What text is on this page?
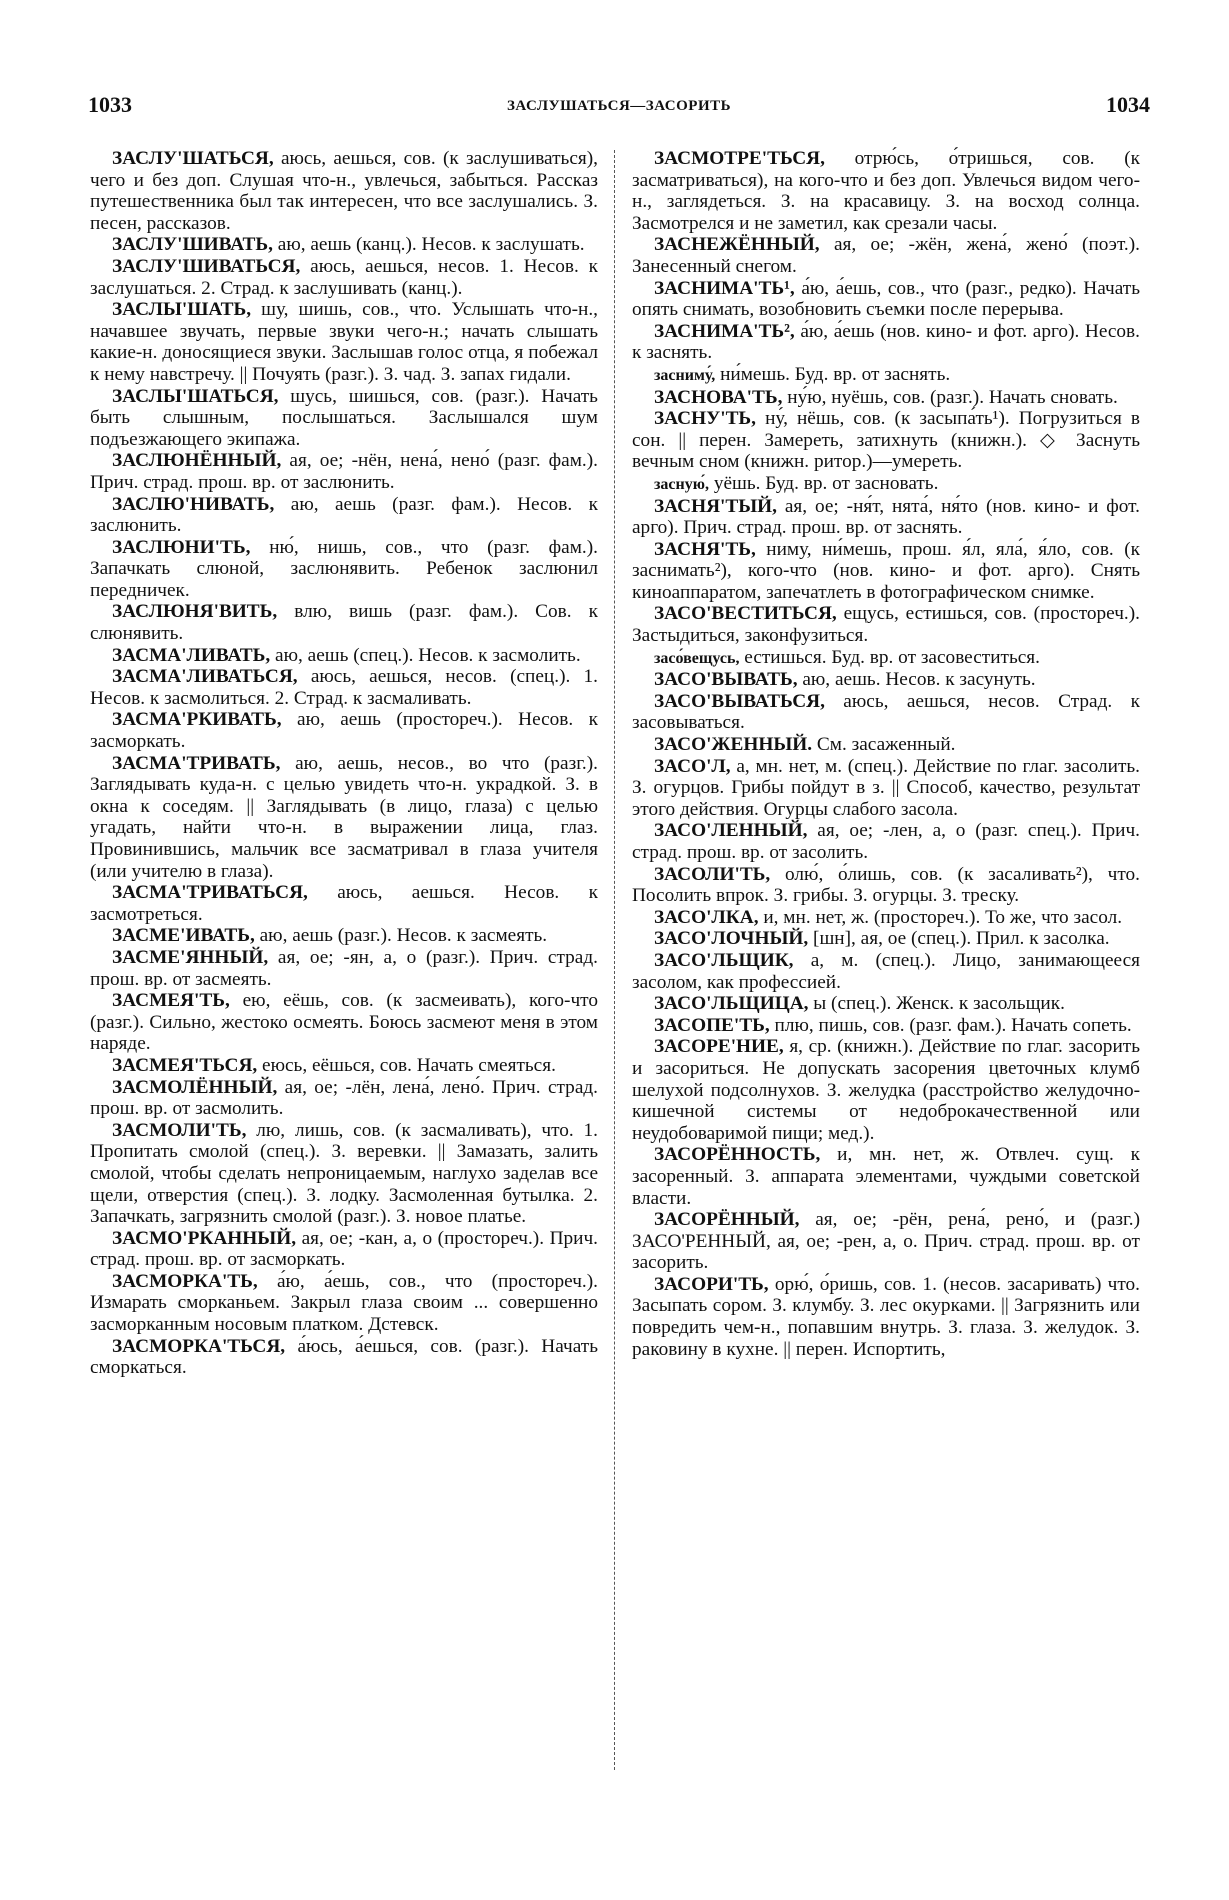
1033	ЗАСЛУШАТЬСЯ—ЗАСОРИТЬ	1034

ЗАСЛУ'ШАТЬСЯ, аюсь, аешься, сов. (к заслушиваться), чего и без доп. Слушая что-н., увлечься, забыться. Рассказ путешественника был так интересен, что все заслушались. З. песен, рассказов.

ЗАСЛУ'ШИВАТЬ, аю, аешь (канц.). Несов. к заслушать.

ЗАСЛУ'ШИВАТЬСЯ, аюсь, аешься, несов. 1. Несов. к заслушаться. 2. Страд. к заслушивать (канц.).

ЗАСЛЫ'ШАТЬ, шу, шишь, сов., что. Услышать что-н., начавшее звучать, первые звуки чего-н.; начать слышать какие-н. доносящиеся звуки. Заслышав голос отца, я побежал к нему навстречу. || Почуять (разг.). З. чад. З. запах гидали.

ЗАСЛЫ'ШАТЬСЯ, шусь, шишься, сов. (разг.). Начать быть слышным, послышаться. Заслышался шум подъезжающего экипажа.

ЗАСЛЮНЁННЫЙ, ая, ое; -нён, нена́, нено́ (разг. фам.). Прич. страд. прош. вр. от заслюнить.

ЗАСЛЮ'НИВАТЬ, аю, аешь (разг. фам.). Несов. к заслюнить.

ЗАСЛЮНИ'ТЬ, ню́, нишь, сов., что (разг. фам.). Запачкать слюной, заслюнявить. Ребенок заслюнил передничек.

ЗАСЛЮНЯ'ВИТЬ, влю, вишь (разг. фам.). Сов. к слюнявить.

ЗАСМА'ЛИВАТЬ, аю, аешь (спец.). Несов. к засмолить.

ЗАСМА'ЛИВАТЬСЯ, аюсь, аешься, несов. (спец.). 1. Несов. к засмолиться. 2. Страд. к засмаливать.

ЗАСМА'РКИВАТЬ, аю, аешь (простореч.). Несов. к засморкать.

ЗАСМА'ТРИВАТЬ, аю, аешь, несов., во что (разг.). Заглядывать куда-н. с целью увидеть что-н. украдкой. З. в окна к соседям. || Заглядывать (в лицо, глаза) с целью угадать, найти что-н. в выражении лица, глаз. Провинившись, мальчик все засматривал в глаза учителя (или учителю в глаза).

ЗАСМА'ТРИВАТЬСЯ, аюсь, аешься. Несов. к засмотреться.

ЗАСМЕ'ИВАТЬ, аю, аешь (разг.). Несов. к засмеять.

ЗАСМЕ'ЯННЫЙ, ая, ое; -ян, а, о (разг.). Прич. страд. прош. вр. от засмеять.

ЗАСМЕЯ'ТЬ, ею, еёшь, сов. (к засмеивать), кого-что (разг.). Сильно, жестоко осмеять. Боюсь засмеют меня в этом наряде.

ЗАСМЕЯ'ТЬСЯ, еюсь, еёшься, сов. Начать смеяться.

ЗАСМОЛЁННЫЙ, ая, ое; -лён, лена́, лено́. Прич. страд. прош. вр. от засмолить.

ЗАСМОЛИ'ТЬ, лю, лишь, сов. (к засмаливать), что. 1. Пропитать смолой (спец.). З. веревки. || Замазать, залить смолой, чтобы сделать непроницаемым, наглухо заделав все щели, отверстия (спец.). З. лодку. Засмоленная бутылка. 2. Запачкать, загрязнить смолой (разг.). З. новое платье.

ЗАСМО'РКАННЫЙ, ая, ое; -кан, а, о (простореч.). Прич. страд. прош. вр. от засморкать.

ЗАСМОРКА'ТЬ, а́ю, а́ешь, сов., что (простореч.). Измарать сморканьем. Закрыл глаза своим ... совершенно засморканным носовым платком. Дстевск.

ЗАСМОРКА'ТЬСЯ, а́юсь, а́ешься, сов. (разг.). Начать сморкаться.

ЗАСМОТРЕ'ТЬСЯ, отрю́сь, о́тришься, сов. (к засматриваться), на кого-что и без доп. Увлечься видом чего-н., заглядеться. З. на красавицу. З. на восход солнца. Засмотрелся и не заметил, как срезали часы.

ЗАСНЕЖЁННЫЙ, ая, ое; -жён, жена́, жено́ (поэт.). Занесенный снегом.

ЗАСНИМА'ТЬ¹, а́ю, а́ешь, сов., что (разг., редко). Начать опять снимать, возобновить съемки после перерыва.

ЗАСНИМА'ТЬ², а́ю, а́ешь (нов. кино- и фот. арго). Несов. к заснять.

засниму́, ни́мешь. Буд. вр. от заснять.

ЗАСНОВА'ТЬ, ну́ю, нуёшь, сов. (разг.). Начать сновать.

ЗАСНУ'ТЬ, ну́, нёшь, сов. (к засыпа́ть¹). Погрузиться в сон. || перен. Замереть, затихнуть (книжн.). ◇ Заснуть вечным сном (книжн. ритор.)—умереть.

засную́, уёшь. Буд. вр. от засновать.

ЗАСНЯ'ТЫЙ, ая, ое; -ня́т, нята́, ня́то (нов. кино- и фот. арго). Прич. страд. прош. вр. от заснять.

ЗАСНЯ'ТЬ, ниму, ни́мешь, прош. я́л, яла́, я́ло, сов. (к заснимать²), кого-что (нов. кино- и фот. арго). Снять киноаппаратом, запечатлеть в фотографическом снимке.

ЗАСО'ВЕСТИТЬСЯ, ещусь, естишься, сов. (простореч.). Застыдиться, законфузиться.

засо́вещусь, естишься. Буд. вр. от засовеститься.

ЗАСО'ВЫВАТЬ, аю, аешь. Несов. к засунуть.

ЗАСО'ВЫВАТЬСЯ, аюсь, аешься, несов. Страд. к засовываться.

ЗАСО'ЖЕННЫЙ. См. засаженный.

ЗАСО'Л, а, мн. нет, м. (спец.). Действие по глаг. засолить. З. огурцов. Грибы пойдут в з. || Способ, качество, результат этого действия. Огурцы слабого засола.

ЗАСО'ЛЕННЫЙ, ая, ое; -лен, а, о (разг. спец.). Прич. страд. прош. вр. от засолить.

ЗАСОЛИ'ТЬ, олю́, о́лишь, сов. (к засаливать²), что. Посолить впрок. З. грибы. З. огурцы. З. треску.

ЗАСО'ЛКА, и, мн. нет, ж. (простореч.). То же, что засол.

ЗАСО'ЛОЧНЫЙ, [шн], ая, ое (спец.). Прил. к засолка.

ЗАСО'ЛЬЩИК, а, м. (спец.). Лицо, занимающееся засолом, как профессией.

ЗАСО'ЛЬЩИЦА, ы (спец.). Женск. к засольщик.

ЗАСОПЕ'ТЬ, плю, пишь, сов. (разг. фам.). Начать сопеть.

ЗАСОРЕ'НИЕ, я, ср. (книжн.). Действие по глаг. засорить и засориться. Не допускать засорения цветочных клумб шелухой подсолнухов. З. желудка (расстройство желудочно-кишечной системы от недоброкачественной или неудобоваримой пищи; мед.).

ЗАСОРЁННОСТЬ, и, мн. нет, ж. Отвлеч. сущ. к засоренный. З. аппарата элементами, чуждыми советской власти.

ЗАСОРЁННЫЙ, ая, ое; -рён, рена́, рено́, и (разг.) ЗАСО'РЕННЫЙ, ая, ое; -рен, а, о. Прич. страд. прош. вр. от засорить.

ЗАСОРИ'ТЬ, орю́, о́ришь, сов. 1. (несов. засаривать) что. Засыпать сором. З. клумбу. З. лес окурками. || Загрязнить или повредить чем-н., попавшим внутрь. З. глаза. З. желудок. З. раковину в кухне. || перен. Испортить,
